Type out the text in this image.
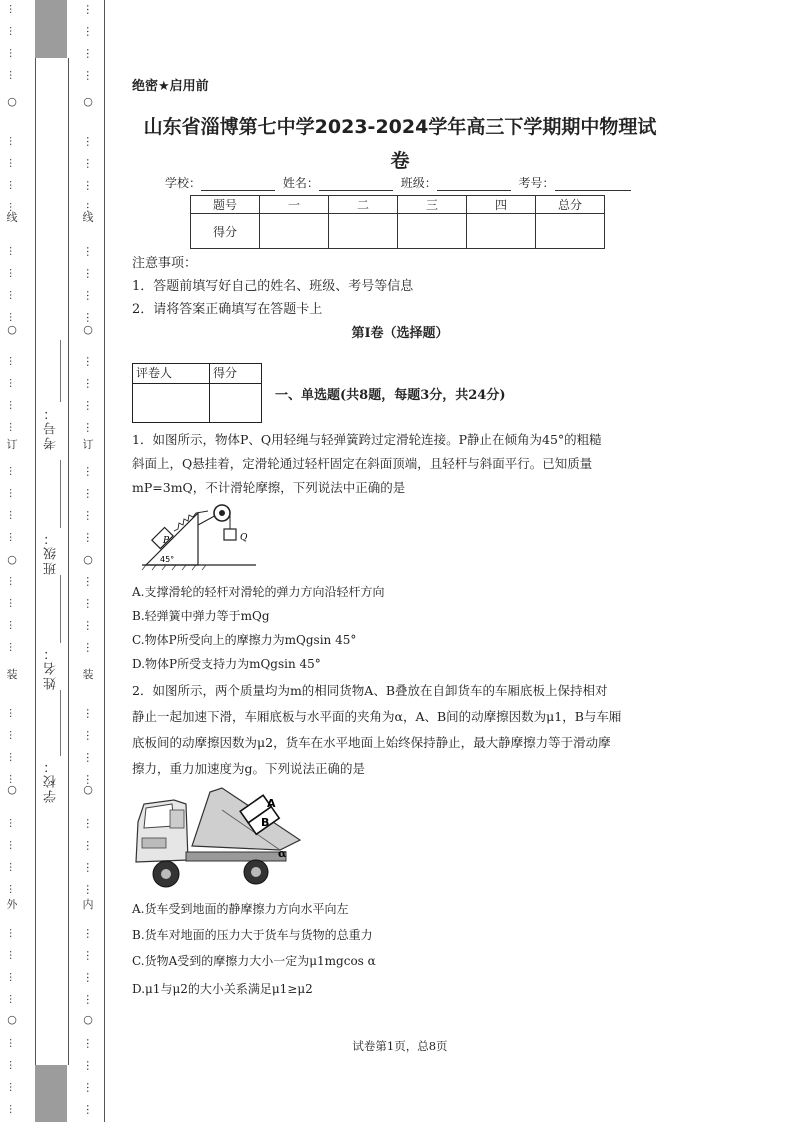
…
…
…
…
…
…
…
…
…
…
…
…
…
…
…
…
…
…
…
…
…
…
…
…
…
…
…
…
…
…
…
…
…
…
…
…
…
…
…
…
○
○
○
○
○
线
订
装
外
…
…
…
…
…
…
…
…
…
…
…
…
…
…
…
…
…
…
…
…
…
…
…
…
…
…
…
…
…
…
…
…
…
…
…
…
…
…
…
…
○
○
○
○
○
线
订
装
内
考号：
班级：
姓名：
学校：
绝密★启用前
山东省淄博第七中学2023-2024学年高三下学期期中物理试
卷
学校：	姓名：	班级：	考号：
题号	一	二	三	四	总分
得分					
注意事项：
1．答题前填写好自己的姓名、班级、考号等信息
2．请将答案正确填写在答题卡上
第I卷（选择题）
评卷人	得分

一、单选题(共8题，每题3分，共24分)
1．如图所示，物体P、Q用轻绳与轻弹簧跨过定滑轮连接。P静止在倾角为45°的粗糙
斜面上，Q悬挂着，定滑轮通过轻杆固定在斜面顶端，且轻杆与斜面平行。已知质量
mP=3mQ，不计滑轮摩擦，下列说法中正确的是
P	Q
45°
A.支撑滑轮的轻杆对滑轮的弹力方向沿轻杆方向
B.轻弹簧中弹力等于mQg
C.物体P所受向上的摩擦力为mQgsin 45°
D.物体P所受支持力为mQgsin 45°
2．如图所示，两个质量均为m的相同货物A、B叠放在自卸货车的车厢底板上保持相对
静止一起加速下滑，车厢底板与水平面的夹角为α，A、B间的动摩擦因数为μ1，B与车厢
底板间的动摩擦因数为μ2，货车在水平地面上始终保持静止，最大静摩擦力等于滑动摩
擦力，重力加速度为g。下列说法正确的是
A
B
α
A.货车受到地面的静摩擦力方向水平向左
B.货车对地面的压力大于货车与货物的总重力
C.货物A受到的摩擦力大小一定为μ1mgcos α
D.μ1与μ2的大小关系满足μ1≥μ2
试卷第1页，总8页
